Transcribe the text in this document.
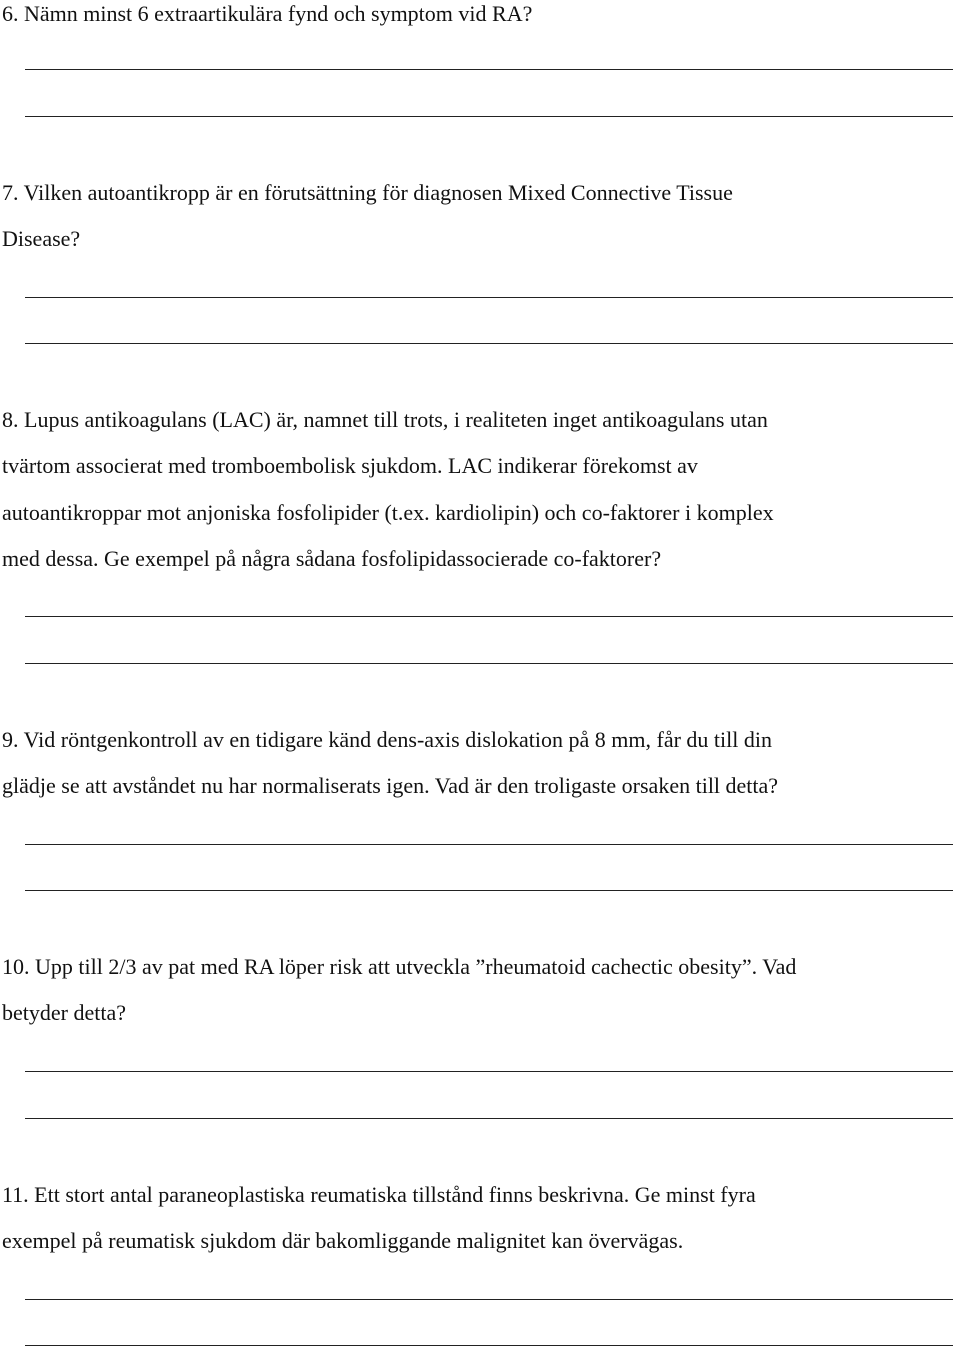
6. Nämn minst 6 extraartikulära fynd och symptom vid RA?
7. Vilken autoantikropp är en förutsättning för diagnosen Mixed Connective Tissue
Disease?
8. Lupus antikoagulans (LAC) är, namnet till trots, i realiteten inget antikoagulans utan
tvärtom associerat med tromboembolisk sjukdom. LAC indikerar förekomst av
autoantikroppar mot anjoniska fosfolipider (t.ex. kardiolipin) och co-faktorer i komplex
med dessa. Ge exempel på några sådana fosfolipidassocierade co-faktorer?
9. Vid röntgenkontroll av en tidigare känd dens-axis dislokation på 8 mm, får du till din
glädje se att avståndet nu har normaliserats igen. Vad är den troligaste orsaken till detta?
10. Upp till 2/3 av pat med RA löper risk att utveckla ”rheumatoid cachectic obesity”. Vad
betyder detta?
11. Ett stort antal paraneoplastiska reumatiska tillstånd finns beskrivna. Ge minst fyra
exempel på reumatisk sjukdom där bakomliggande malignitet kan övervägas.
